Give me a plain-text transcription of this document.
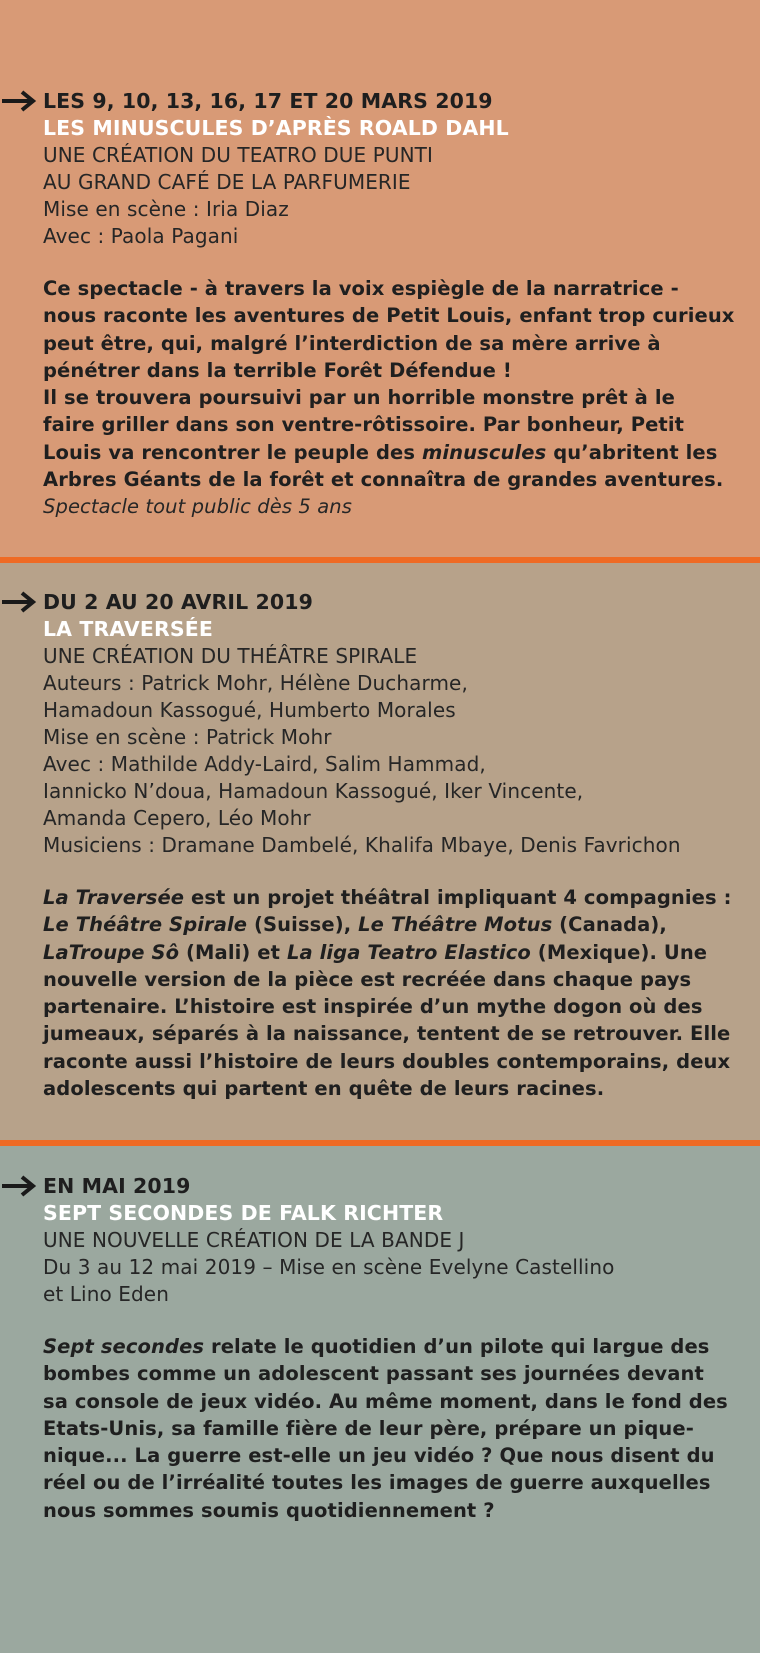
LES 9, 10, 13, 16, 17 ET 20 MARS 2019
LES MINUSCULES D’APRÈS ROALD DAHL
UNE CRÉATION DU TEATRO DUE PUNTI
AU GRAND CAFÉ DE LA PARFUMERIE
Mise en scène : Iria Diaz
Avec : Paola Pagani
Ce spectacle - à travers la voix espiègle de la narratrice -
nous raconte les aventures de Petit Louis, enfant trop curieux
peut être, qui, malgré l’interdiction de sa mère arrive à
pénétrer dans la terrible Forêt Défendue !
Il se trouvera poursuivi par un horrible monstre prêt à le
faire griller dans son ventre-rôtissoire. Par bonheur, Petit
Louis va rencontrer le peuple des minuscules qu’abritent les
Arbres Géants de la forêt et connaîtra de grandes aventures.
Spectacle tout public dès 5 ans
DU 2 AU 20 AVRIL 2019
LA TRAVERSÉE
UNE CRÉATION DU THÉÂTRE SPIRALE
Auteurs : Patrick Mohr, Hélène Ducharme,
Hamadoun Kassogué, Humberto Morales
Mise en scène : Patrick Mohr
Avec : Mathilde Addy-Laird, Salim Hammad,
Iannicko N’doua, Hamadoun Kassogué, Iker Vincente,
Amanda Cepero, Léo Mohr
Musiciens : Dramane Dambelé, Khalifa Mbaye, Denis Favrichon
La Traversée est un projet théâtral impliquant 4 compagnies :
Le Théâtre Spirale (Suisse), Le Théâtre Motus (Canada),
LaTroupe Sô (Mali) et La liga Teatro Elastico (Mexique). Une
nouvelle version de la pièce est recréée dans chaque pays
partenaire. L’histoire est inspirée d’un mythe dogon où des
jumeaux, séparés à la naissance, tentent de se retrouver. Elle
raconte aussi l’histoire de leurs doubles contemporains, deux
adolescents qui partent en quête de leurs racines.
EN MAI 2019
SEPT SECONDES DE FALK RICHTER
UNE NOUVELLE CRÉATION DE LA BANDE J
Du 3 au 12 mai 2019 – Mise en scène Evelyne Castellino
et Lino Eden
Sept secondes relate le quotidien d’un pilote qui largue des
bombes comme un adolescent passant ses journées devant
sa console de jeux vidéo. Au même moment, dans le fond des
Etats-Unis, sa famille fière de leur père, prépare un pique-
nique... La guerre est-elle un jeu vidéo ? Que nous disent du
réel ou de l’irréalité toutes les images de guerre auxquelles
nous sommes soumis quotidiennement ?
